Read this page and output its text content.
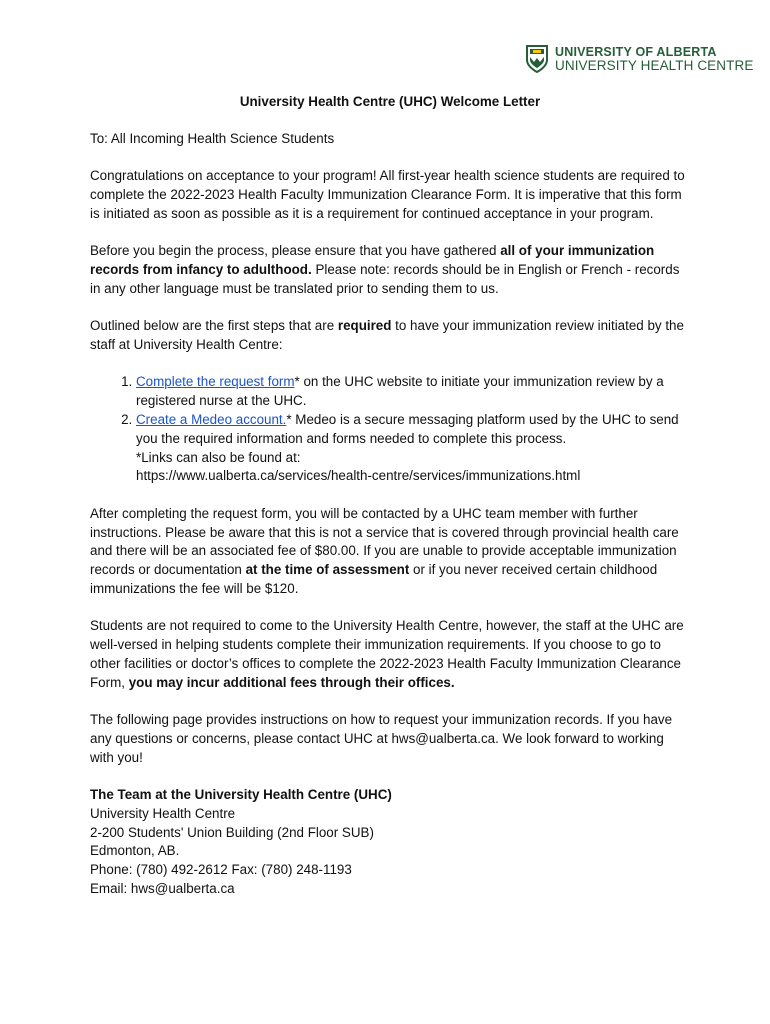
UNIVERSITY OF ALBERTA
UNIVERSITY HEALTH CENTRE
University Health Centre (UHC) Welcome Letter

To: All Incoming Health Science Students

Congratulations on acceptance to your program! All first-year health science students are required to complete the 2022-2023 Health Faculty Immunization Clearance Form. It is imperative that this form is initiated as soon as possible as it is a requirement for continued acceptance in your program.

Before you begin the process, please ensure that you have gathered all of your immunization records from infancy to adulthood. Please note: records should be in English or French - records in any other language must be translated prior to sending them to us.

Outlined below are the first steps that are required to have your immunization review initiated by the staff at University Health Centre:

1. Complete the request form* on the UHC website to initiate your immunization review by a registered nurse at the UHC.
2. Create a Medeo account.* Medeo is a secure messaging platform used by the UHC to send you the required information and forms needed to complete this process.
*Links can also be found at:
https://www.ualberta.ca/services/health-centre/services/immunizations.html

After completing the request form, you will be contacted by a UHC team member with further instructions. Please be aware that this is not a service that is covered through provincial health care and there will be an associated fee of $80.00. If you are unable to provide acceptable immunization records or documentation at the time of assessment or if you never received certain childhood immunizations the fee will be $120.

Students are not required to come to the University Health Centre, however, the staff at the UHC are well-versed in helping students complete their immunization requirements. If you choose to go to other facilities or doctor’s offices to complete the 2022-2023 Health Faculty Immunization Clearance Form, you may incur additional fees through their offices.

The following page provides instructions on how to request your immunization records. If you have any questions or concerns, please contact UHC at hws@ualberta.ca. We look forward to working with you!

The Team at the University Health Centre (UHC)
University Health Centre
2-200 Students' Union Building (2nd Floor SUB)
Edmonton, AB.
Phone: (780) 492-2612 Fax: (780) 248-1193
Email: hws@ualberta.ca
